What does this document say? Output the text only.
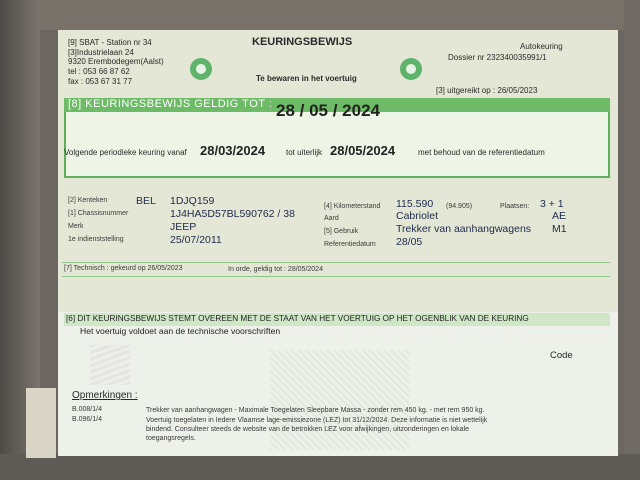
[9] SBAT - Station nr 34
[3]Industrielaan 24
9320 Erembodegem(Aalst)
tel : 053 66 87 62
fax : 053 67 31 77
KEURINGSBEWIJS
Te bewaren in het voertuig
Autokeuring
Dossier nr 232340035991/1
[3] uitgereikt op : 26/05/2023
[8] KEURINGSBEWIJS GELDIG TOT : 28 / 05 / 2024
Volgende periodieke keuring vanaf 28/03/2024	tot uiterlijk 28/05/2024	met behoud van de referentiedatum
[2] Kenteken	BEL 1DJQ159
[1] Chassisnummer	1J4HA5D57BL590762 / 38
Merk	JEEP
1e indienststelling	25/07/2011
[4] Kilometerstand 115.590 (94.905)	Plaatsen: 3 + 1
Aard	Cabriolet	AE
[5] Gebruik	Trekker van aanhangwagens M1
Referentiedatum 28/05
[7] Technisch : gekeurd op 26/05/2023	In orde, geldig tot : 28/05/2024
[6] DIT KEURINGSBEWIJS STEMT OVEREEN MET DE STAAT VAN HET VOERTUIG OP HET OGENBLIK VAN DE KEURING
Het voertuig voldoet aan de technische voorschriften
Code
Opmerkingen :
B.008/1/4
B.096/1/4
Trekker van aanhangwagen - Maximale Toegelaten Sleepbare Massa - zonder rem 450 kg. - met rem 950 kg.
Voertuig toegelaten in Iedere Vlaamse lage-emissiezone (LEZ) tot 31/12/2024. Deze informatie is niet wettelijk
bindend. Consulteer steeds de website van de betrokken LEZ voor afwijkingen, uitzonderingen en lokale
toegangsregels.
